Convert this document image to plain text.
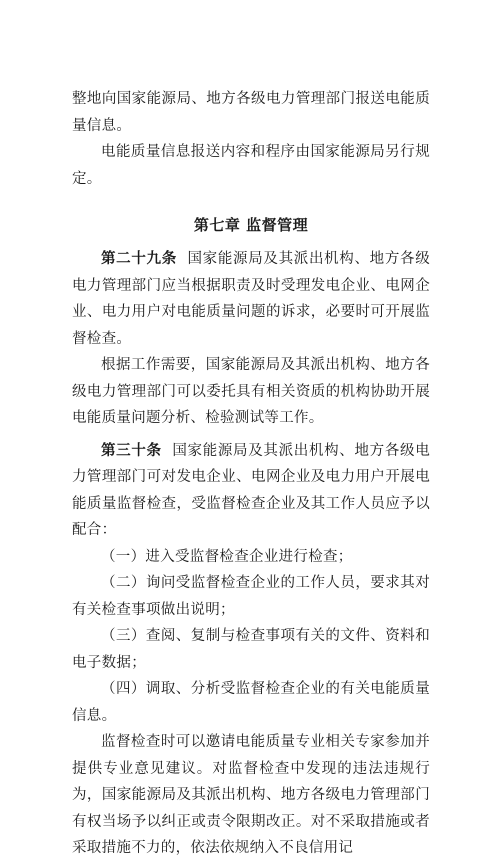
整地向国家能源局、地方各级电力管理部门报送电能质量信息。

电能质量信息报送内容和程序由国家能源局另行规定。

第七章 监督管理

第二十九条 国家能源局及其派出机构、地方各级电力管理部门应当根据职责及时受理发电企业、电网企业、电力用户对电能质量问题的诉求，必要时可开展监督检查。

根据工作需要，国家能源局及其派出机构、地方各级电力管理部门可以委托具有相关资质的机构协助开展电能质量问题分析、检验测试等工作。

第三十条 国家能源局及其派出机构、地方各级电力管理部门可对发电企业、电网企业及电力用户开展电能质量监督检查，受监督检查企业及其工作人员应予以配合：

（一）进入受监督检查企业进行检查；

（二）询问受监督检查企业的工作人员，要求其对有关检查事项做出说明；

（三）查阅、复制与检查事项有关的文件、资料和电子数据；

（四）调取、分析受监督检查企业的有关电能质量信息。

监督检查时可以邀请电能质量专业相关专家参加并提供专业意见建议。对监督检查中发现的违法违规行为，国家能源局及其派出机构、地方各级电力管理部门有权当场予以纠正或责令限期改正。对不采取措施或者采取措施不力的，依法依规纳入不良信用记
